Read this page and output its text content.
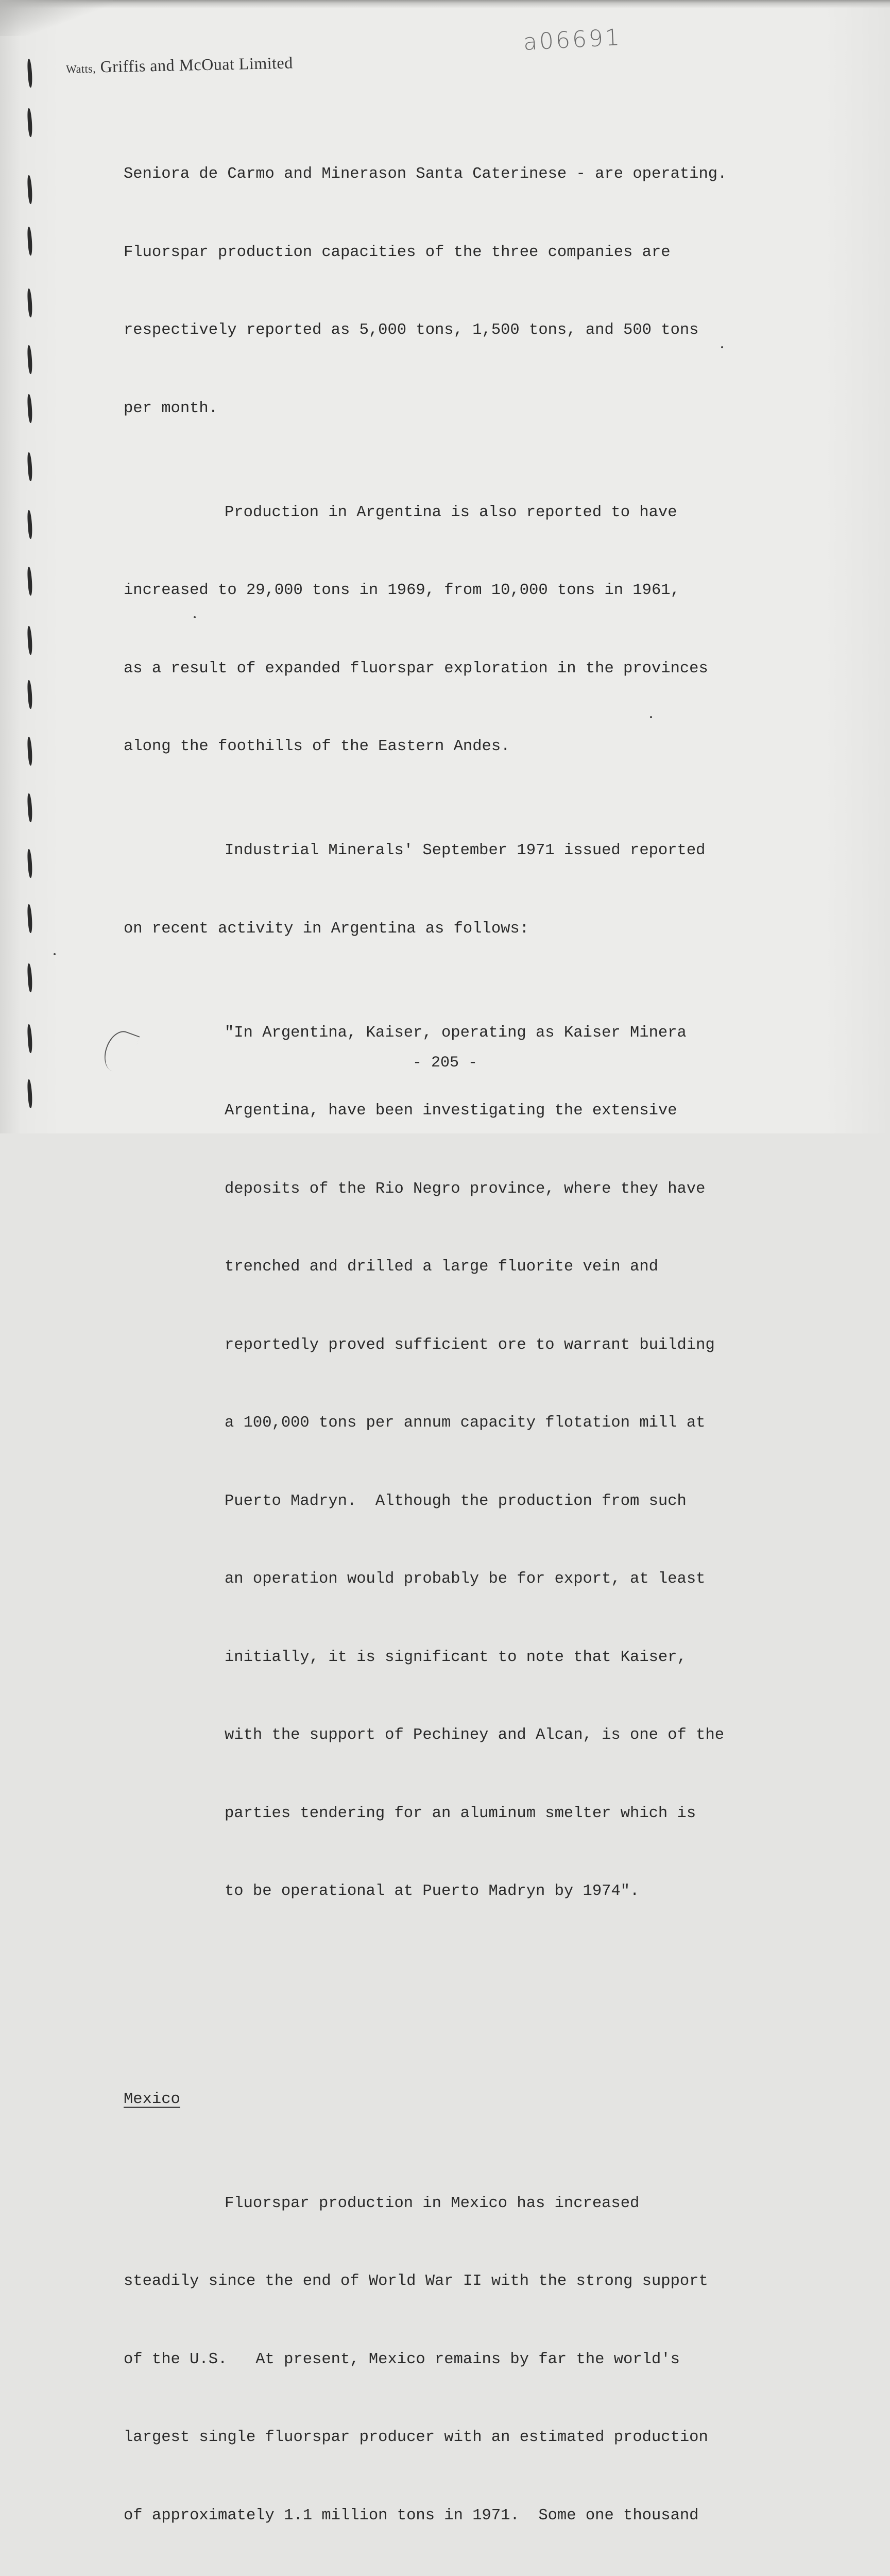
a06691
Watts, Griffis and McOuat Limited

Seniora de Carmo and Minerason Santa Caterinese - are operating.

Fluorspar production capacities of the three companies are

respectively reported as 5,000 tons, 1,500 tons, and 500 tons

per month.

Production in Argentina is also reported to have

increased to 29,000 tons in 1969, from 10,000 tons in 1961,

as a result of expanded fluorspar exploration in the provinces

along the foothills of the Eastern Andes.

Industrial Minerals' September 1971 issued reported

on recent activity in Argentina as follows:

"In Argentina, Kaiser, operating as Kaiser Minera

Argentina, have been investigating the extensive

deposits of the Rio Negro province, where they have

trenched and drilled a large fluorite vein and

reportedly proved sufficient ore to warrant building

a 100,000 tons per annum capacity flotation mill at

Puerto Madryn.  Although the production from such

an operation would probably be for export, at least

initially, it is significant to note that Kaiser,

with the support of Pechiney and Alcan, is one of the

parties tendering for an aluminum smelter which is

to be operational at Puerto Madryn by 1974".

Mexico

Fluorspar production in Mexico has increased

steadily since the end of World War II with the strong support

of the U.S.   At present, Mexico remains by far the world's

largest single fluorspar producer with an estimated production

of approximately 1.1 million tons in 1971.  Some one thousand

- 205 -
